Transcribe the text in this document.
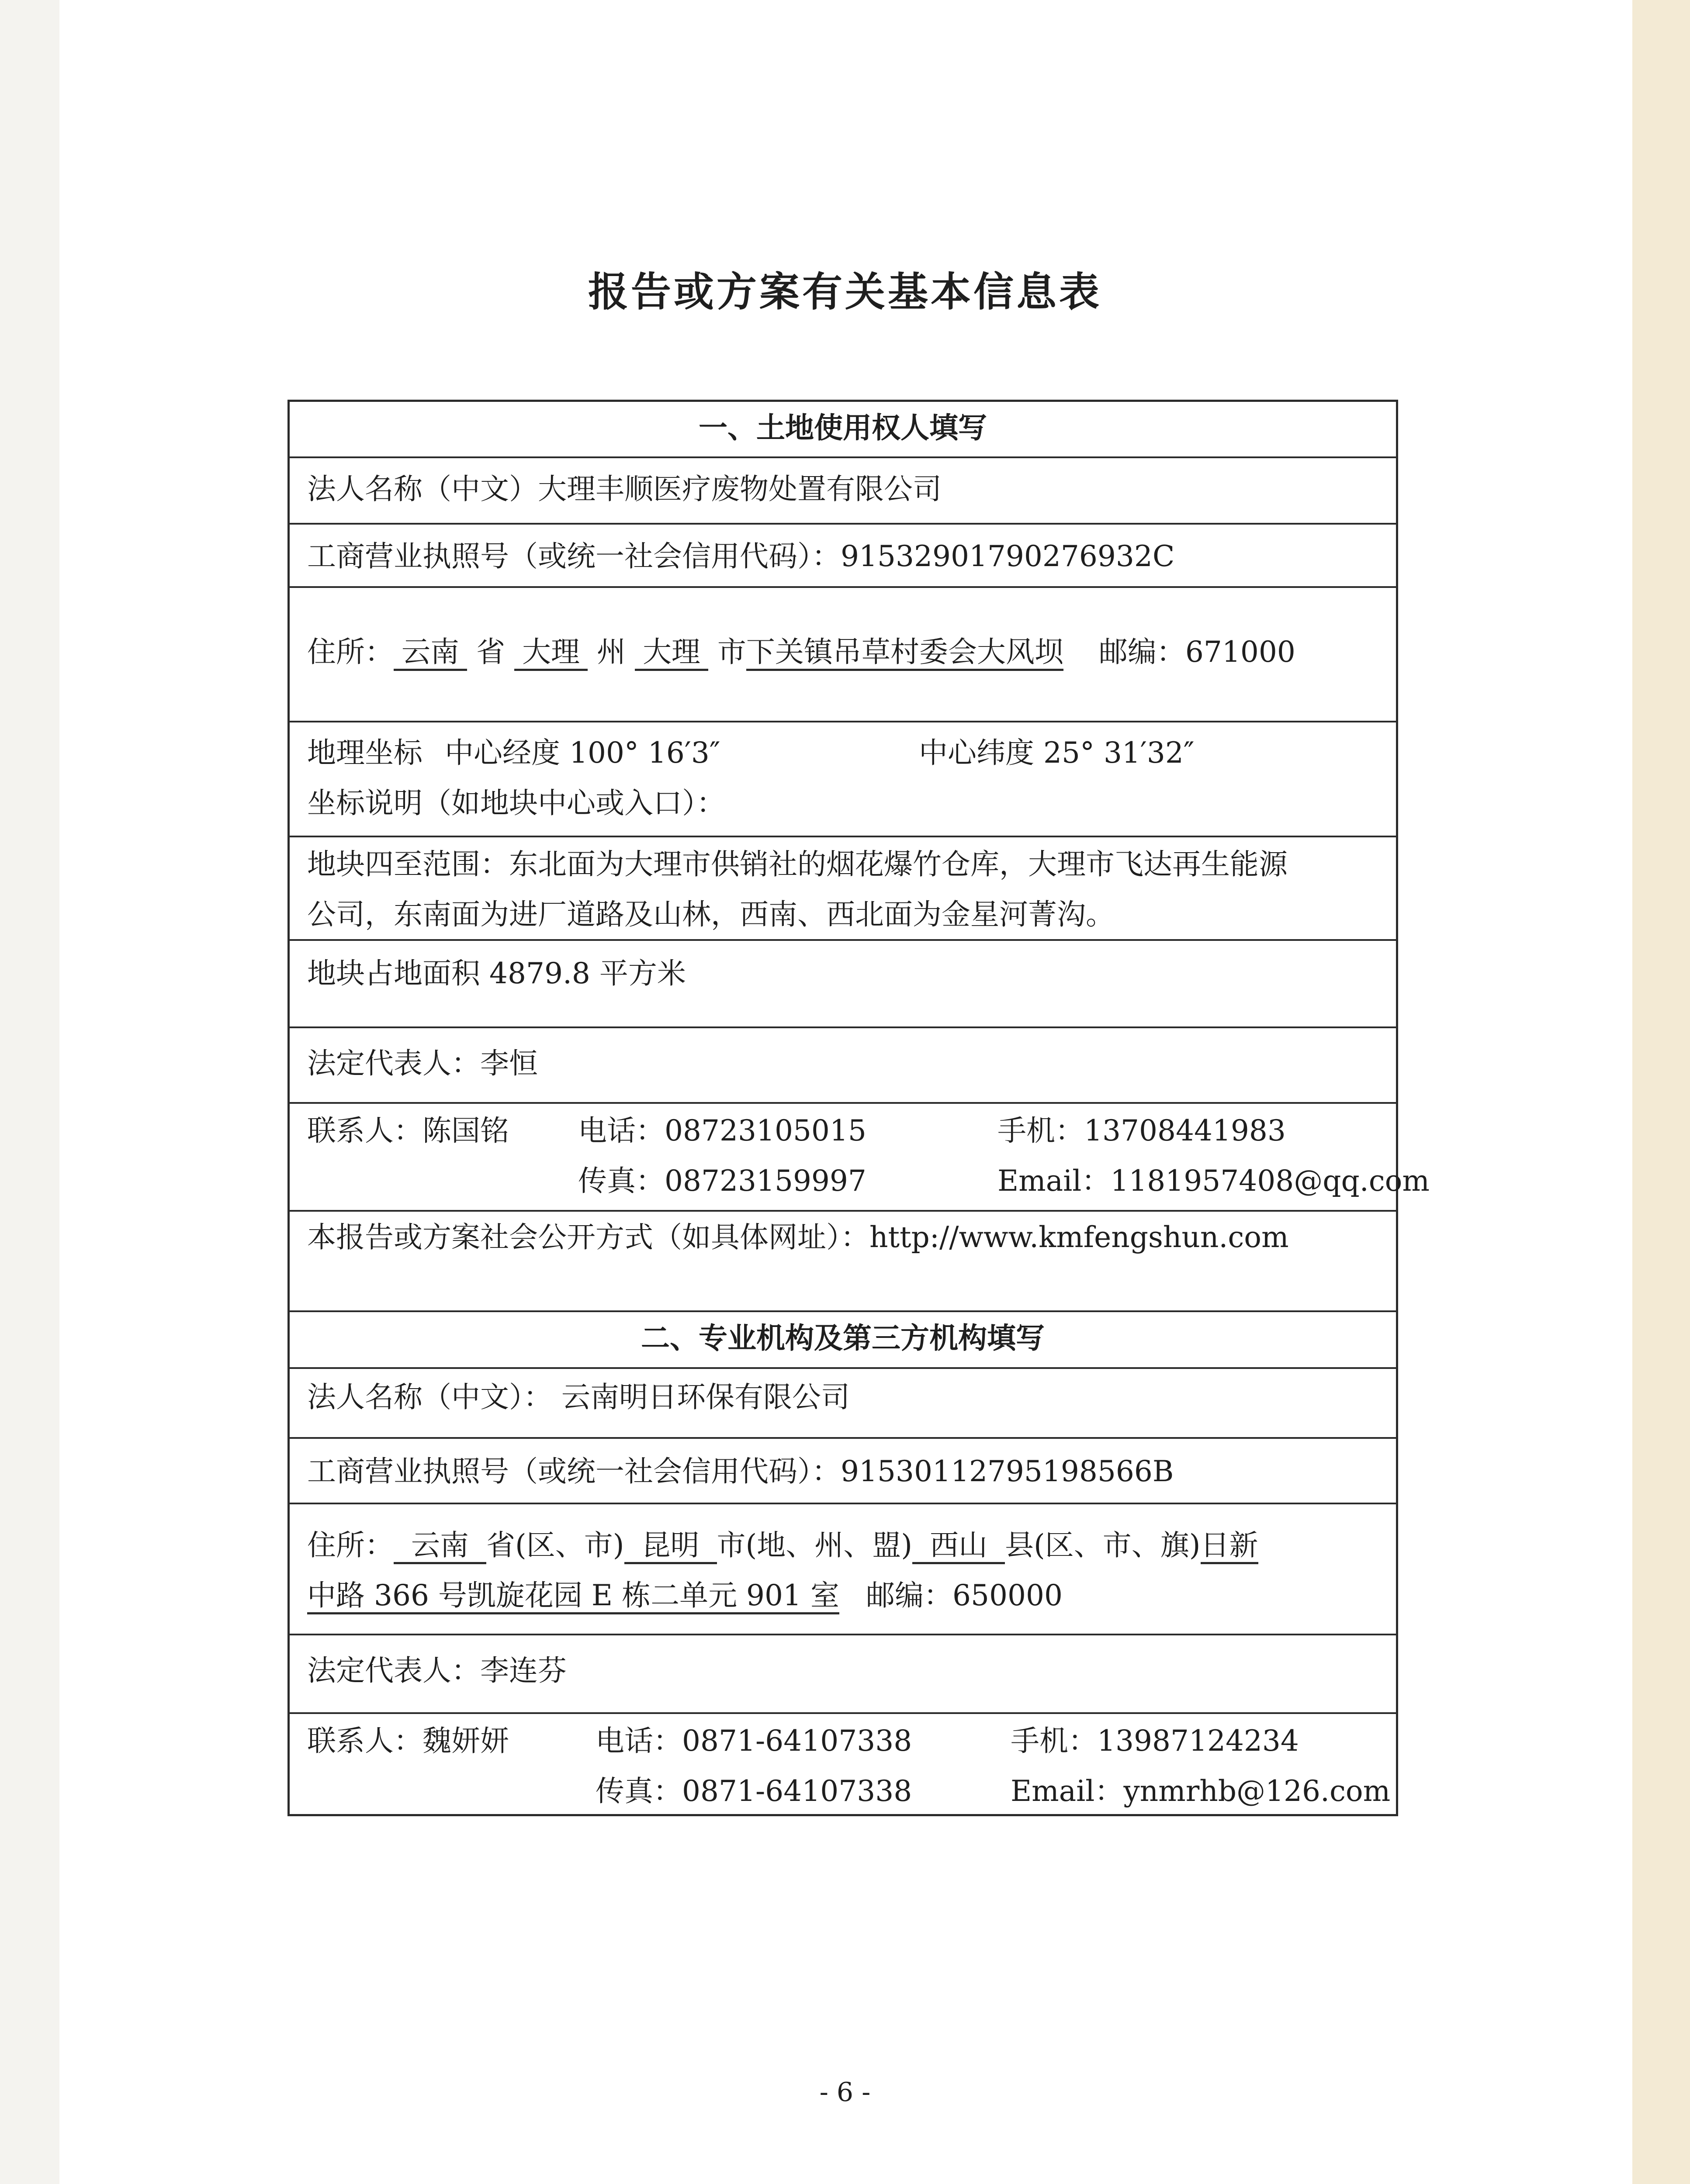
报告或方案有关基本信息表
一、土地使用权人填写
法人名称（中文）大理丰顺医疗废物处置有限公司
工商营业执照号（或统一社会信用代码）：91532901790276932C
住所： 云南 省 大理 州 大理 市下关镇吊草村委会大风坝 邮编：671000
地理坐标 中心经度 100° 16′3″	中心纬度 25° 31′32″
坐标说明（如地块中心或入口）：
地块四至范围：东北面为大理市供销社的烟花爆竹仓库，大理市飞达再生能源
公司，东南面为进厂道路及山林，西南、西北面为金星河菁沟。
地块占地面积 4879.8 平方米
法定代表人：李恒
联系人：陈国铭 电话：08723105015	手机：13708441983
传真：08723159997	Email：1181957408@qq.com
本报告或方案社会公开方式（如具体网址）：http://www.kmfengshun.com
二、专业机构及第三方机构填写
法人名称（中文）： 云南明日环保有限公司
工商营业执照号（或统一社会信用代码）：91530112795198566B
住所： 云南 省(区、市) 昆明 市(地、州、盟) 西山 县(区、市、旗)日新
中路 366 号凯旋花园 E 栋二单元 901 室 邮编：650000
法定代表人：李连芬
联系人：魏妍妍	电话：0871-64107338	手机：13987124234
传真：0871-64107338	Email：ynmrhb@126.com
- 6 -
